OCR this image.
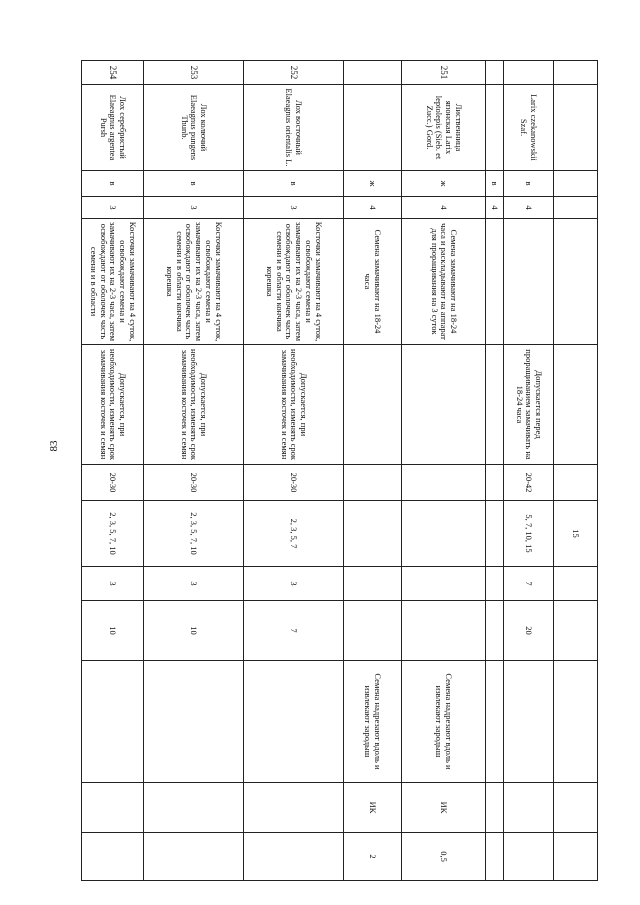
83
							15					
	Larix czekanowskii Szaf.	в	4		Допускается перед проращиванием замачивать на 18-24 часа	20-42	5, 7, 10, 15	7	20			
		в	4									
251	Лиственница японская Larix leptolepis (Sieb. et Zucc.) Gord.	ж	4	Семена замачивают на 18-24 часа и раскладывают на аппарат для проращивания на 3 суток						Семена надрезают вдоль и извлекают зародыш	ИК	0,5
		ж	4	Семена замачивают на 18-24 часа						Семена надрезают вдоль и извлекают зародыш	ИК	2
252	Лох восточный Elaeagnus orientalis L.	в	3	Косточки замачивают на 4 суток, освобождают семена и замачивают их на 2-3 часа, затем освобождают от оболочек часть семени и в области кончика корешка	Допускается, при необходимости, изменять срок замачивания косточек и семян	20-30	2, 3, 5, 7	3	7			
253	Лох колючий Elaeagnus pungens Thunb.	в	3	Косточки замачивают на 4 суток, освобождают семена и замачивают их на 2-3 часа, затем освобождают от оболочек часть семени и в области кончика корешка	Допускается, при необходимости, изменять срок замачивания косточек и семян	20-30	2, 3, 5, 7, 10	3	10			
254	Лох серебристый Elaeagnus argentea Pursh	в	3	Косточки замачивают на 4 суток, освобождают семена и замачивают их на 2-3 часа, затем освобождают от оболочек часть семени и в области	Допускается, при необходимости, изменять срок замачивания косточек и семян	20-30	2, 3, 5, 7, 10	3	10			
